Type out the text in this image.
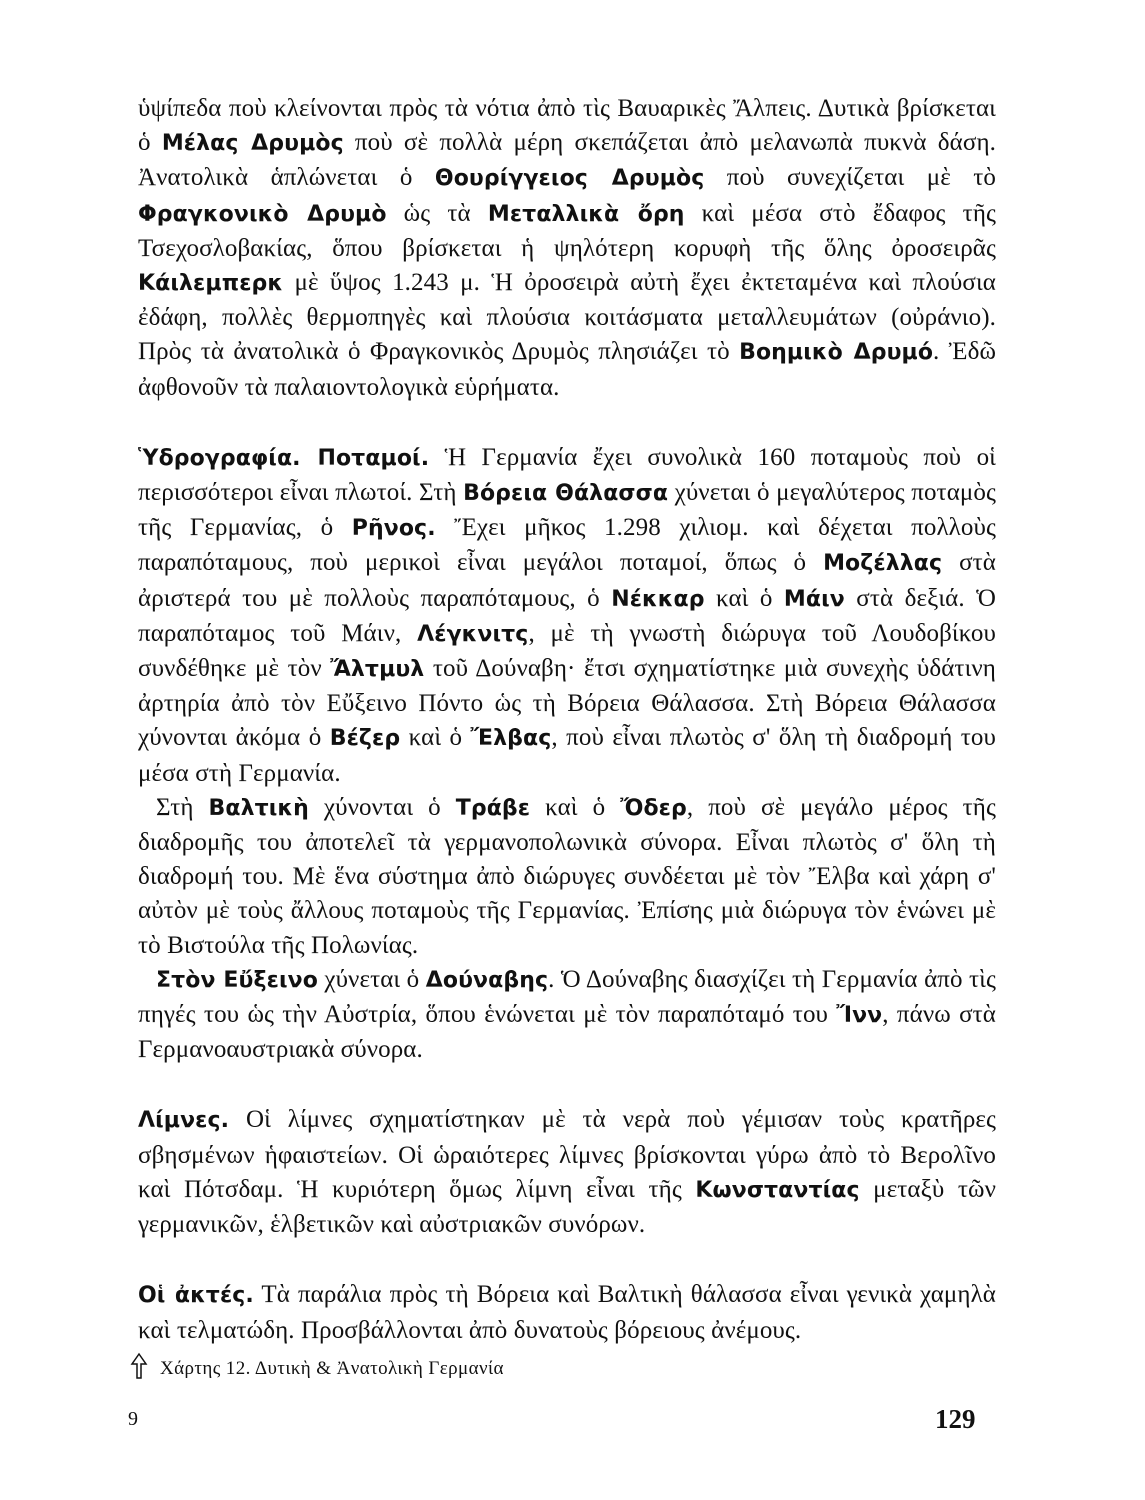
ὑψίπεδα ποὺ κλείνονται πρὸς τὰ νότια ἀπὸ τὶς Βαυαρικὲς Ἄλπεις. Δυτικὰ βρίσκεται ὁ Μέλας Δρυμὸς ποὺ σὲ πολλὰ μέρη σκεπάζεται ἀπὸ μελανωπὰ πυκνὰ δάση. Ἀνατολικὰ ἁπλώνεται ὁ Θουρίγγειος Δρυμὸς ποὺ συνεχίζεται μὲ τὸ Φραγκονικὸ Δρυμὸ ὡς τὰ Μεταλλικὰ ὄρη καὶ μέσα στὸ ἔδαφος τῆς Τσεχοσλοβακίας, ὅπου βρίσκεται ἡ ψηλότερη κορυφὴ τῆς ὅλης ὀροσειρᾶς Κάιλεμπερκ μὲ ὕψος 1.243 μ. Ἡ ὀροσειρὰ αὐτὴ ἔχει ἐκτεταμένα καὶ πλούσια ἐδάφη, πολλὲς θερμοπηγὲς καὶ πλούσια κοιτάσματα μεταλλευμάτων (οὐράνιο). Πρὸς τὰ ἀνατολικὰ ὁ Φραγκονικὸς Δρυμὸς πλησιάζει τὸ Βοημικὸ Δρυμό. Ἐδῶ ἀφθονοῦν τὰ παλαιοντολογικὰ εὑρήματα.

Ὑδρογραφία. Ποταμοί. Ἡ Γερμανία ἔχει συνολικὰ 160 ποταμοὺς ποὺ οἱ περισσότεροι εἶναι πλωτοί. Στὴ Βόρεια Θάλασσα χύνεται ὁ μεγαλύτερος ποταμὸς τῆς Γερμανίας, ὁ Ρῆνος. Ἔχει μῆκος 1.298 χιλιομ. καὶ δέχεται πολλοὺς παραπόταμους, ποὺ μερικοὶ εἶναι μεγάλοι ποταμοί, ὅπως ὁ Μοζέλλας στὰ ἀριστερά του μὲ πολλοὺς παραπόταμους, ὁ Νέκκαρ καὶ ὁ Μάιν στὰ δεξιά. Ὁ παραπόταμος τοῦ Μάιν, Λέγκνιτς, μὲ τὴ γνωστὴ διώρυγα τοῦ Λουδοβίκου συνδέθηκε μὲ τὸν Ἄλτμυλ τοῦ Δούναβη· ἔτσι σχηματίστηκε μιὰ συνεχὴς ὑδάτινη ἀρτηρία ἀπὸ τὸν Εὔξεινο Πόντο ὡς τὴ Βόρεια Θάλασσα. Στὴ Βόρεια Θάλασσα χύνονται ἀκόμα ὁ Βέζερ καὶ ὁ Ἔλβας, ποὺ εἶναι πλωτὸς σ' ὅλη τὴ διαδρομή του μέσα στὴ Γερμανία.

Στὴ Βαλτικὴ χύνονται ὁ Τράβε καὶ ὁ Ὄδερ, ποὺ σὲ μεγάλο μέρος τῆς διαδρομῆς του ἀποτελεῖ τὰ γερμανοπολωνικὰ σύνορα. Εἶναι πλωτὸς σ' ὅλη τὴ διαδρομή του. Μὲ ἕνα σύστημα ἀπὸ διώρυγες συνδέεται μὲ τὸν Ἔλβα καὶ χάρη σ' αὐτὸν μὲ τοὺς ἄλλους ποταμοὺς τῆς Γερμανίας. Ἐπίσης μιὰ διώρυγα τὸν ἑνώνει μὲ τὸ Βιστούλα τῆς Πολωνίας.

Στὸν Εὔξεινο χύνεται ὁ Δούναβης. Ὁ Δούναβης διασχίζει τὴ Γερμανία ἀπὸ τὶς πηγές του ὡς τὴν Αὐστρία, ὅπου ἑνώνεται μὲ τὸν παραπόταμό του Ἴνν, πάνω στὰ Γερμανοαυστριακὰ σύνορα.

Λίμνες. Οἱ λίμνες σχηματίστηκαν μὲ τὰ νερὰ ποὺ γέμισαν τοὺς κρατῆρες σβησμένων ἡφαιστείων. Οἱ ὡραιότερες λίμνες βρίσκονται γύρω ἀπὸ τὸ Βερολῖνο καὶ Πότσδαμ. Ἡ κυριότερη ὅμως λίμνη εἶναι τῆς Κωνσταντίας μεταξὺ τῶν γερμανικῶν, ἑλβετικῶν καὶ αὐστριακῶν συνόρων.

Οἱ ἀκτές. Τὰ παράλια πρὸς τὴ Βόρεια καὶ Βαλτικὴ θάλασσα εἶναι γενικὰ χαμηλὰ καὶ τελματώδη. Προσβάλλονται ἀπὸ δυνατοὺς βόρειους ἀνέμους.

Χάρτης 12. Δυτικὴ & Ἀνατολικὴ Γερμανία
9	129
